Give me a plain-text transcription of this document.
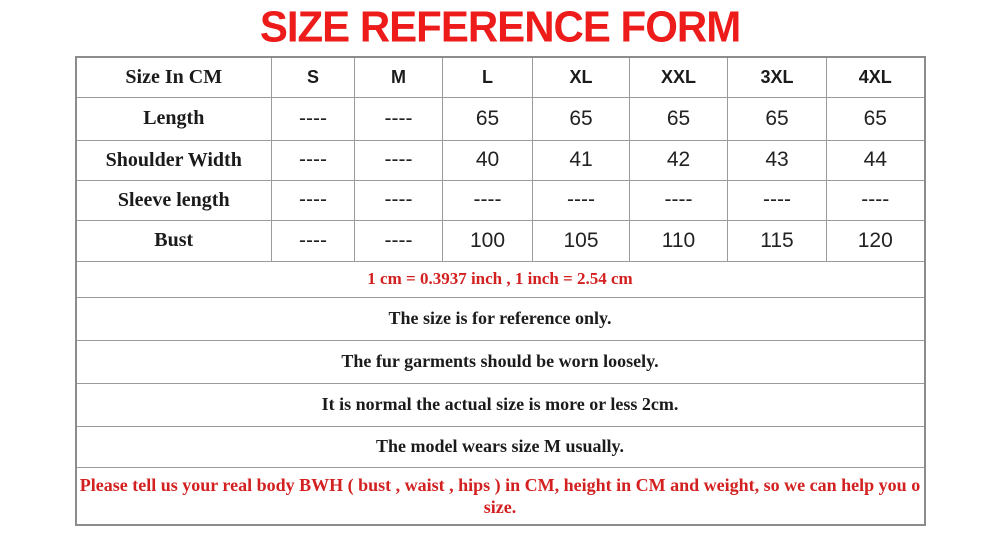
SIZE REFERENCE FORM
Size In CM	S	M	L	XL	XXL	3XL	4XL
Length	----	----	65	65	65	65	65
Shoulder Width	----	----	40	41	42	43	44
Sleeve length	----	----	----	----	----	----	----
Bust	----	----	100	105	110	115	120
1 cm = 0.3937 inch , 1 inch = 2.54 cm							
The size is for reference only.							
The fur garments should be worn loosely.							
It is normal the actual size is more or less 2cm.							
The model wears size M usually.							
Please tell us your real body BWH ( bust , waist , hips ) in CM, height in CM and weight, so we can help you o size.							
